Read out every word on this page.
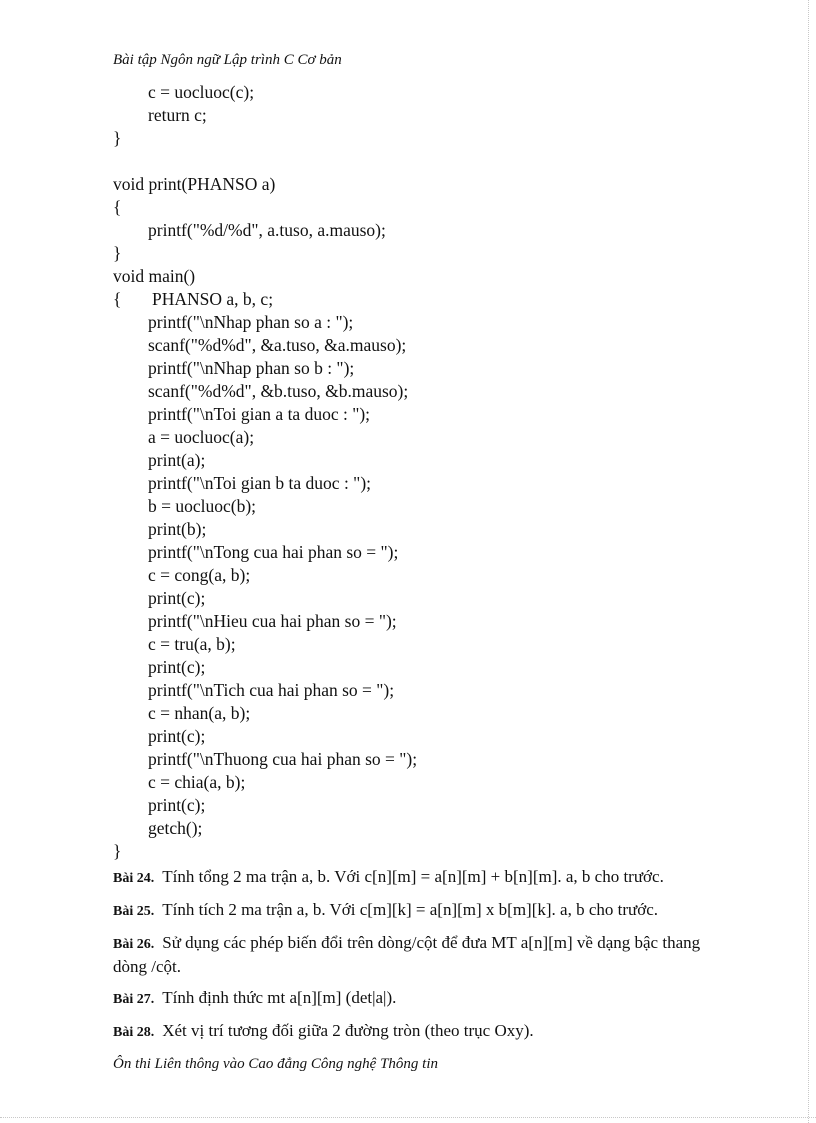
Bài tập Ngôn ngữ Lập trình C Cơ bản
c = uocluoc(c);
return c;
}
void print(PHANSO a)
{
printf("%d/%d", a.tuso, a.mauso);
}
void main()
{       PHANSO a, b, c;
printf("\nNhap phan so a : ");
scanf("%d%d", &a.tuso, &a.mauso);
printf("\nNhap phan so b : ");
scanf("%d%d", &b.tuso, &b.mauso);
printf("\nToi gian a ta duoc : ");
a = uocluoc(a);
print(a);
printf("\nToi gian b ta duoc : ");
b = uocluoc(b);
print(b);
printf("\nTong cua hai phan so = ");
c = cong(a, b);
print(c);
printf("\nHieu cua hai phan so = ");
c = tru(a, b);
print(c);
printf("\nTich cua hai phan so = ");
c = nhan(a, b);
print(c);
printf("\nThuong cua hai phan so = ");
c = chia(a, b);
print(c);
getch();
}
Bài 24. Tính tổng 2 ma trận a, b. Với c[n][m] = a[n][m] + b[n][m]. a, b cho trước.
Bài 25. Tính tích 2 ma trận a, b. Với c[m][k] = a[n][m] x b[m][k]. a, b cho trước.
Bài 26. Sử dụng các phép biến đổi trên dòng/cột để đưa MT a[n][m] về dạng bậc thang dòng /cột.
Bài 27. Tính định thức mt a[n][m] (det|a|).
Bài 28. Xét vị trí tương đối giữa 2 đường tròn (theo trục Oxy).
Ôn thi Liên thông vào Cao đẳng Công nghệ Thông tin
